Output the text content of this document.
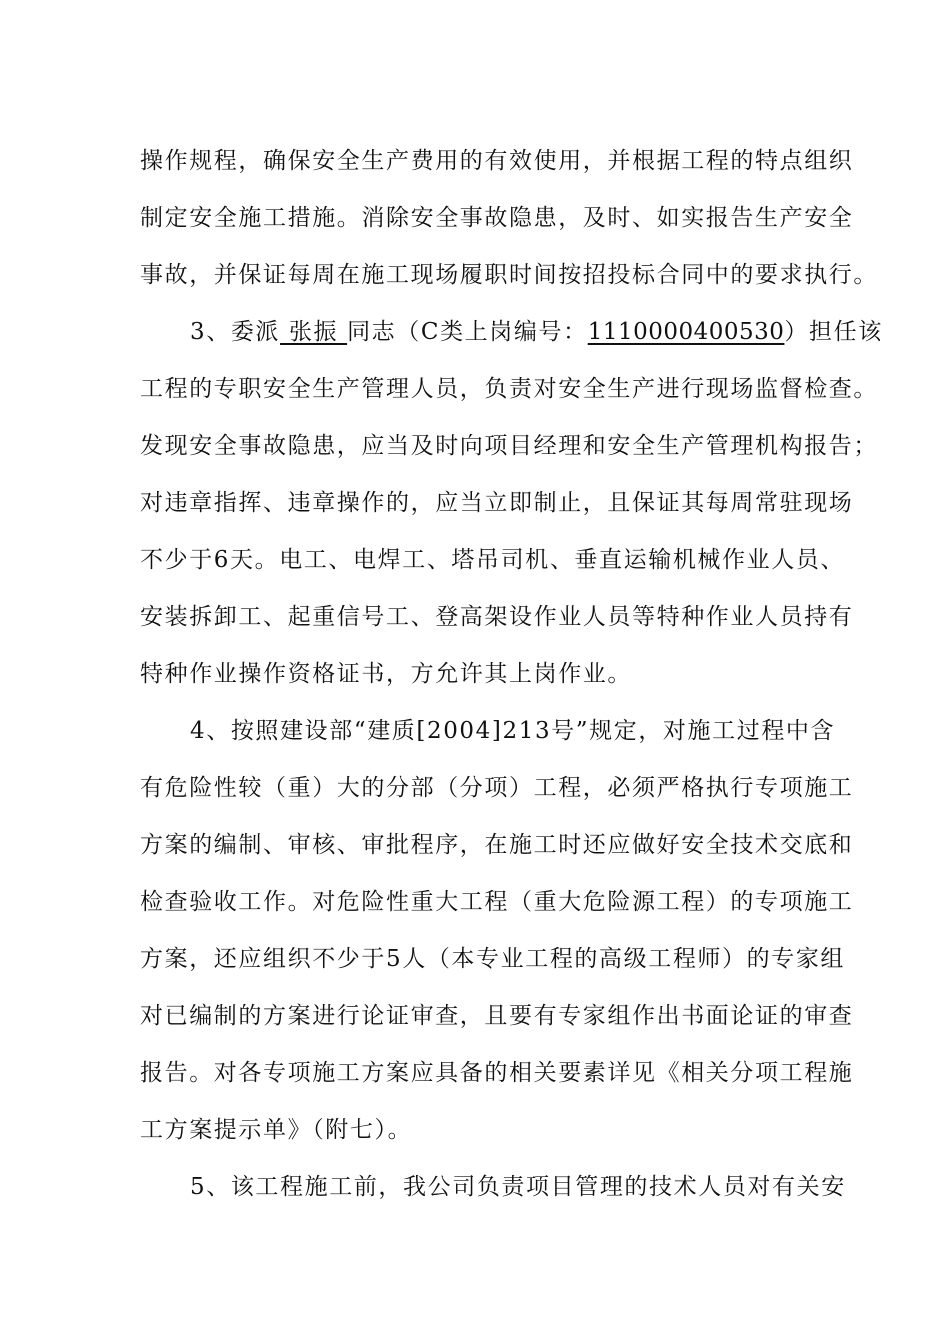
操作规程，确保安全生产费用的有效使用，并根据工程的特点组织
制定安全施工措施。消除安全事故隐患，及时、如实报告生产安全
事故，并保证每周在施工现场履职时间按招投标合同中的要求执行。
3、委派 张振 同志（C类上岗编号：1110000400530）担任该
工程的专职安全生产管理人员，负责对安全生产进行现场监督检查。
发现安全事故隐患，应当及时向项目经理和安全生产管理机构报告；
对违章指挥、违章操作的，应当立即制止，且保证其每周常驻现场
不少于6天。电工、电焊工、塔吊司机、垂直运输机械作业人员、
安装拆卸工、起重信号工、登高架设作业人员等特种作业人员持有
特种作业操作资格证书，方允许其上岗作业。
4、按照建设部“建质[2004]213号”规定，对施工过程中含
有危险性较（重）大的分部（分项）工程，必须严格执行专项施工
方案的编制、审核、审批程序，在施工时还应做好安全技术交底和
检查验收工作。对危险性重大工程（重大危险源工程）的专项施工
方案，还应组织不少于5人（本专业工程的高级工程师）的专家组
对已编制的方案进行论证审查，且要有专家组作出书面论证的审查
报告。对各专项施工方案应具备的相关要素详见《相关分项工程施
工方案提示单》（附七）。
5、该工程施工前，我公司负责项目管理的技术人员对有关安
